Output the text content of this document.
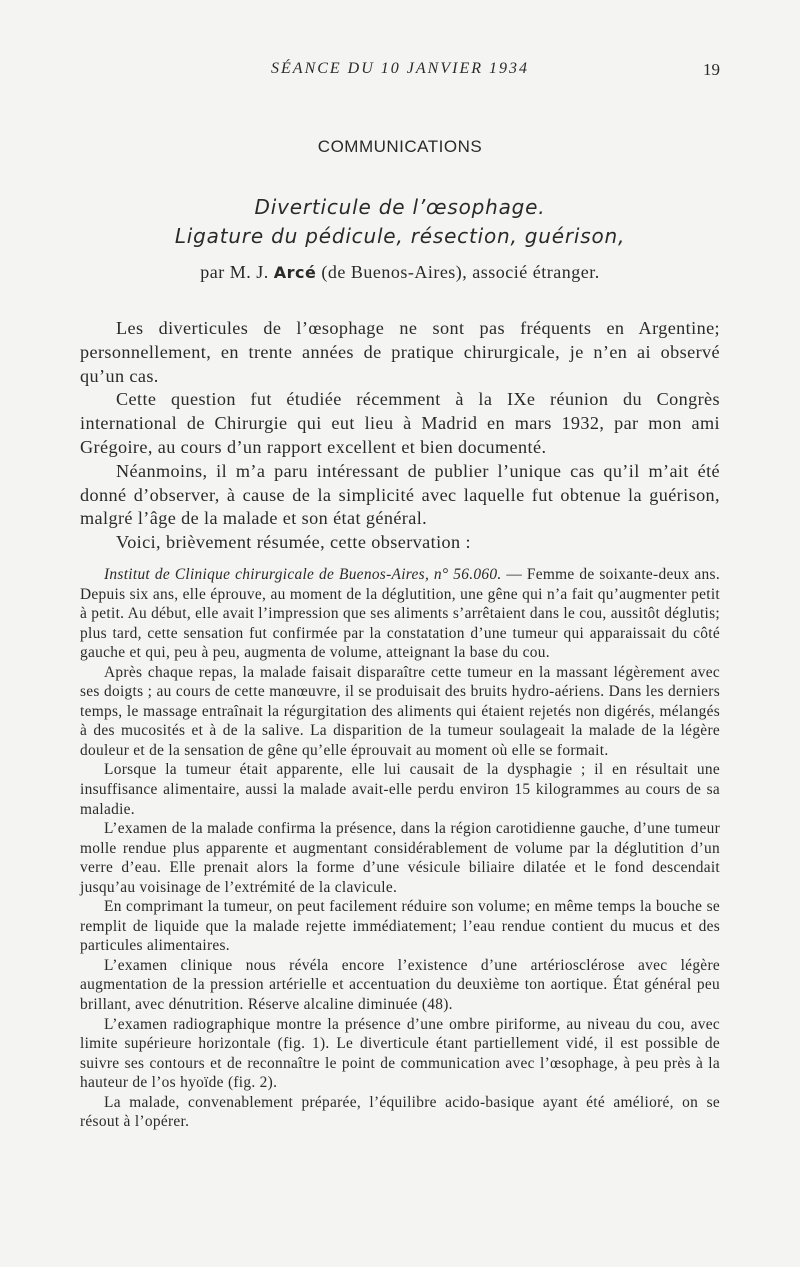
SÉANCE DU 10 JANVIER 1934	19
COMMUNICATIONS
Diverticule de l’œsophage.
Ligature du pédicule, résection, guérison,
par M. J. Arcé (de Buenos-Aires), associé étranger.

Les diverticules de l’œsophage ne sont pas fréquents en Argentine; personnellement, en trente années de pratique chirurgicale, je n’en ai observé qu’un cas.

Cette question fut étudiée récemment à la IXe réunion du Congrès international de Chirurgie qui eut lieu à Madrid en mars 1932, par mon ami Grégoire, au cours d’un rapport excellent et bien documenté.

Néanmoins, il m’a paru intéressant de publier l’unique cas qu’il m’ait été donné d’observer, à cause de la simplicité avec laquelle fut obtenue la guérison, malgré l’âge de la malade et son état général.

Voici, brièvement résumée, cette observation :

Institut de Clinique chirurgicale de Buenos-Aires, n° 56.060. — Femme de soixante-deux ans. Depuis six ans, elle éprouve, au moment de la déglutition, une gêne qui n’a fait qu’augmenter petit à petit. Au début, elle avait l’impression que ses aliments s’arrêtaient dans le cou, aussitôt déglutis; plus tard, cette sensation fut confirmée par la constatation d’une tumeur qui apparaissait du côté gauche et qui, peu à peu, augmenta de volume, atteignant la base du cou.

Après chaque repas, la malade faisait disparaître cette tumeur en la massant légèrement avec ses doigts ; au cours de cette manœuvre, il se produisait des bruits hydro-aériens. Dans les derniers temps, le massage entraînait la régurgitation des aliments qui étaient rejetés non digérés, mélangés à des mucosités et à de la salive. La disparition de la tumeur soulageait la malade de la légère douleur et de la sensation de gêne qu’elle éprouvait au moment où elle se formait.

Lorsque la tumeur était apparente, elle lui causait de la dysphagie ; il en résultait une insuffisance alimentaire, aussi la malade avait-elle perdu environ 15 kilogrammes au cours de sa maladie.

L’examen de la malade confirma la présence, dans la région carotidienne gauche, d’une tumeur molle rendue plus apparente et augmentant considérablement de volume par la déglutition d’un verre d’eau. Elle prenait alors la forme d’une vésicule biliaire dilatée et le fond descendait jusqu’au voisinage de l’extrémité de la clavicule.

En comprimant la tumeur, on peut facilement réduire son volume; en même temps la bouche se remplit de liquide que la malade rejette immédiatement; l’eau rendue contient du mucus et des particules alimentaires.

L’examen clinique nous révéla encore l’existence d’une artériosclérose avec légère augmentation de la pression artérielle et accentuation du deuxième ton aortique. État général peu brillant, avec dénutrition. Réserve alcaline diminuée (48).

L’examen radiographique montre la présence d’une ombre piriforme, au niveau du cou, avec limite supérieure horizontale (fig. 1). Le diverticule étant partiellement vidé, il est possible de suivre ses contours et de reconnaître le point de communication avec l’œsophage, à peu près à la hauteur de l’os hyoïde (fig. 2).

La malade, convenablement préparée, l’équilibre acido-basique ayant été amélioré, on se résout à l’opérer.
